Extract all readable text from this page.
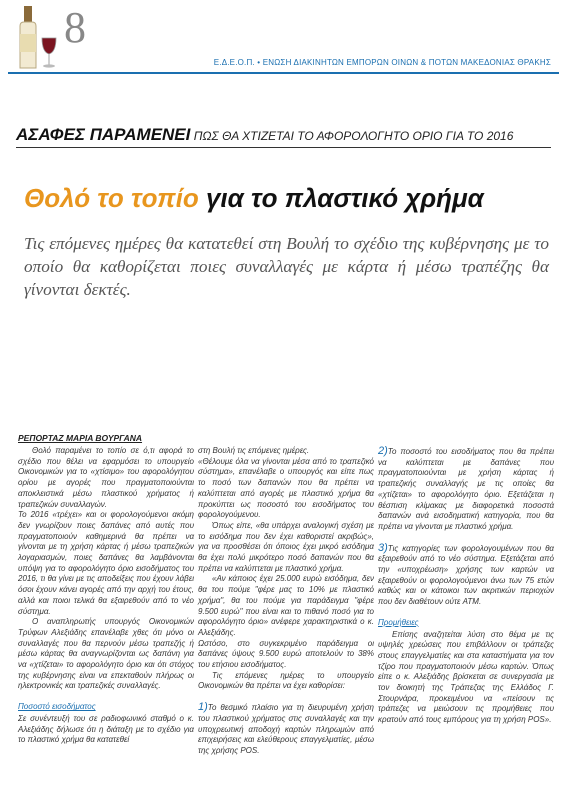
8
Ε.Δ.Ε.Ο.Π. • ΕΝΩΣΗ ΔΙΑΚΙΝΗΤΩΝ ΕΜΠΟΡΩΝ ΟΙΝΩΝ & ΠΟΤΩΝ ΜΑΚΕΔΟΝΙΑΣ ΘΡΑΚΗΣ
ΑΣΑΦΕΣ ΠΑΡΑΜΕΝΕΙ ΠΩΣ ΘΑ ΧΤΙΖΕΤΑΙ ΤΟ ΑΦΟΡΟΛΟΓΗΤΟ ΟΡΙΟ ΓΙΑ ΤΟ 2016
Θολό το τοπίο για το πλαστικό χρήμα
Τις επόμενες ημέρες θα κατατεθεί στη Βουλή το σχέδιο της κυβέρνησης με το οποίο θα καθορίζεται ποιες συναλλαγές με κάρτα ή μέσω τραπέζης θα γίνονται δεκτές.
ΡΕΠΟΡΤΑΖ ΜΑΡΙΑ ΒΟΥΡΓΑΝΑ

Θολό παραμένει το τοπίο σε ό,τι αφορά το σχέδιο που θέλει να εφαρμόσει το υπουργείο Οικονομικών για το «χτίσιμο» του αφορολόγητου ορίου με αγορές που πραγματοποιούνται αποκλειστικά μέσω πλαστικού χρήματος ή τραπεζικών συναλλαγών.

Το 2016 «τρέχει» και οι φορολογούμενοι ακόμη δεν γνωρίζουν ποιες δαπάνες από αυτές που πραγματοποιούν καθημερινά θα πρέπει να γίνονται με τη χρήση κάρτας ή μέσω τραπεζικών λογαριασμών, ποιες δαπάνες θα λαμβάνονται υπόψη για το αφορολόγητο όριο εισοδήματος του 2016, τι θα γίνει με τις αποδείξεις που έχουν λάβει όσοι έχουν κάνει αγορές από την αρχή του έτους, αλλά και ποιοι τελικά θα εξαιρεθούν από το νέο σύστημα.

Ο αναπληρωτής υπουργός Οικονομικών Τρύφων Αλεξιάδης επανέλαβε χθες ότι μόνο οι συναλλαγές που θα περνούν μέσω τραπεζής ή μέσω κάρτας θα αναγνωρίζονται ως δαπάνη για να «χτίζεται» το αφορολόγητο όριο και ότι στόχος της κυβέρνησης είναι να επεκταθούν πλήρως οι ηλεκτρονικές και τραπεζικές συναλλαγές.

Ποσοστό εισοδήματος

Σε συνέντευξή του σε ραδιοφωνικό σταθμό ο κ. Αλεξιάδης δήλωσε ότι η διάταξη με το σχέδιο για το πλαστικό χρήμα θα κατατεθεί

στη Βουλή τις επόμενες ημέρες.

«Θέλουμε όλα να γίνονται μέσα από το τραπεζικό σύστημα», επανέλαβε ο υπουργός και είπε πως το ποσό των δαπανών που θα πρέπει να καλύπτεται από αγορές με πλαστικό χρήμα θα προκύπτει ως ποσοστό του εισοδήματος του φορολογούμενου.

Όπως είπε, «θα υπάρχει αναλογική σχέση με το εισόδημα που δεν έχει καθοριστεί ακριβώς», για να προσθέσει ότι όποιος έχει μικρό εισόδημα θα έχει πολύ μικρότερο ποσό δαπανών που θα πρέπει να καλύπτεται με πλαστικό χρήμα.

«Αν κάποιος έχει 25.000 ευρώ εισόδημα, δεν θα του πούμε "φέρε μας το 10% με πλαστικό χρήμα", θα του πούμε για παράδειγμα "φέρε 9.500 ευρώ" που είναι και το πιθανό ποσό για το αφορολόγητο όριο» ανέφερε χαρακτηριστικά ο κ. Αλεξιάδης.

Ωστόσο, στο συγκεκριμένο παράδειγμα οι δαπάνες ύψους 9.500 ευρώ αποτελούν το 38% του ετήσιου εισοδήματος.

Τις επόμενες ημέρες το υπουργείο Οικονομικών θα πρέπει να έχει καθορίσει:

1)Το θεσμικό πλαίσιο για τη διευρυμένη χρήση του πλαστικού χρήματος στις συναλλαγές και την υποχρεωτική αποδοχή καρτών πληρωμών από επιχειρήσεις και ελεύθερους επαγγελματίες, μέσω της χρήσης POS.

2)Το ποσοστό του εισοδήματος που θα πρέπει να καλύπτεται με δαπάνες που πραγματοποιούνται με χρήση κάρτας ή τραπεζικής συναλλαγής με τις οποίες θα «χτίζεται» το αφορολόγητο όριο. Εξετάζεται η θέσπιση κλίμακας με διαφορετικά ποσοστά δαπανών ανά εισοδηματική κατηγορία, που θα πρέπει να γίνονται με πλαστικό χρήμα.

3)Τις κατηγορίες των φορολογουμένων που θα εξαιρεθούν από το νέο σύστημα. Εξετάζεται από την «υποχρέωση» χρήσης των καρτών να εξαιρεθούν οι φορολογούμενοι άνω των 75 ετών καθώς και οι κάτοικοι των ακριτικών περιοχών που δεν διαθέτουν ούτε ATM.

Προμήθειες

Επίσης αναζητείται λύση στο θέμα με τις υψηλές χρεώσεις που επιβάλλουν οι τράπεζες στους επαγγελματίες και στα καταστήματα για τον τζίρο που πραγματοποιούν μέσω καρτών. Όπως είπε ο κ. Αλεξιάδης βρίσκεται σε συνεργασία με τον διοικητή της Τράπεζας της Ελλάδος Γ. Στουρνάρα, προκειμένου να «πείσουν τις τράπεζες να μειώσουν τις προμήθειες που κρατούν από τους εμπόρους για τη χρήση POS».
